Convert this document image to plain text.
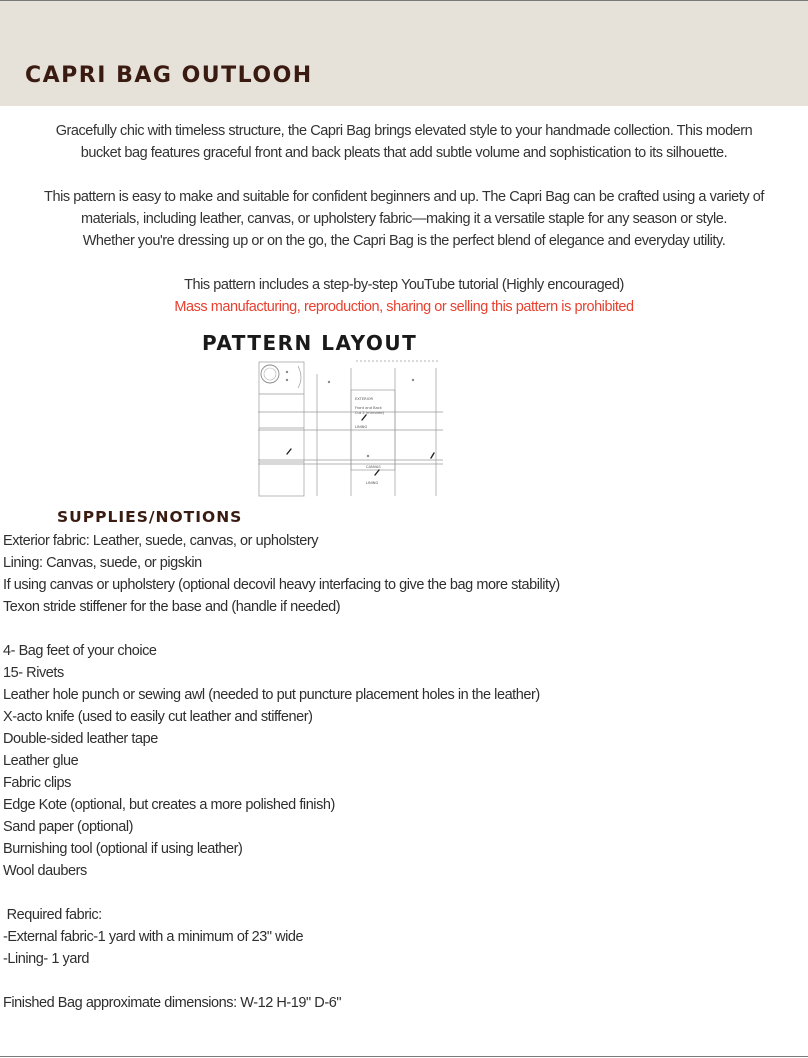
CAPRI BAG OUTLOOH

Gracefully chic with timeless structure, the Capri Bag brings elevated style to your handmade collection. This modern

bucket bag features graceful front and back pleats that add subtle volume and sophistication to its silhouette.

This pattern is easy to make and suitable for confident beginners and up. The Capri Bag can be crafted using a variety of

materials, including leather, canvas, or upholstery fabric—making it a versatile staple for any season or style.

Whether you're dressing up or on the go, the Capri Bag is the perfect blend of elegance and everyday utility.

This pattern includes a step-by-step YouTube tutorial (Highly encouraged)

Mass manufacturing, reproduction, sharing or selling this pattern is prohibited

PATTERN LAYOUT
EXTERIOR
Front and Back
Cut 2 (mirrored)
LINING
CANVAS
LINING
SUPPLIES/NOTIONS
Exterior fabric: Leather, suede, canvas, or upholstery
Lining: Canvas, suede, or pigskin
If using canvas or upholstery (optional decovil heavy interfacing to give the bag more stability)
Texon stride stiffener for the base and (handle if needed)
4- Bag feet of your choice
15- Rivets
Leather hole punch or sewing awl (needed to put puncture placement holes in the leather)
X-acto knife (used to easily cut leather and stiffener)
Double-sided leather tape
Leather glue
Fabric clips
Edge Kote (optional, but creates a more polished finish)
Sand paper (optional)
Burnishing tool (optional if using leather)
Wool daubers
Required fabric:
-External fabric-1 yard with a minimum of 23" wide
-Lining- 1 yard
Finished Bag approximate dimensions: W-12 H-19" D-6"
